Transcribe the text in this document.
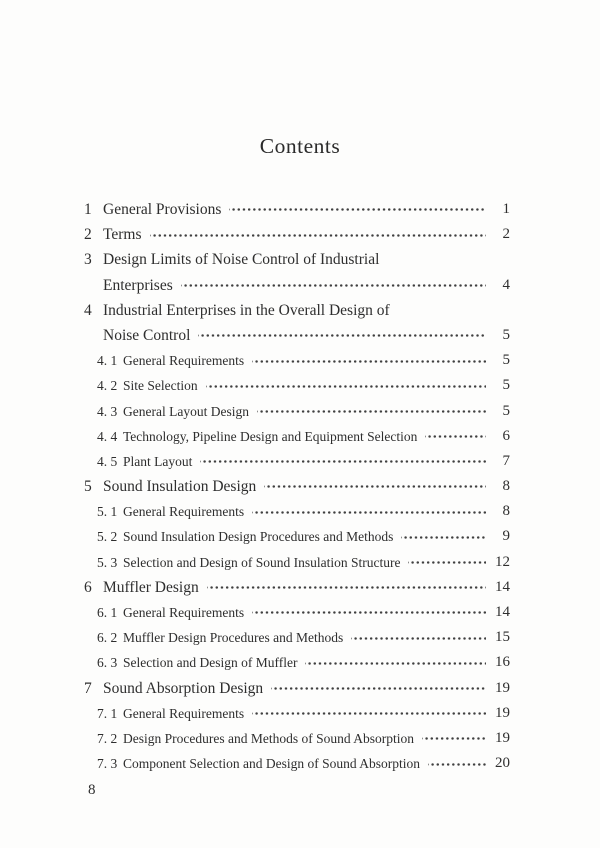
Contents
1 General Provisions	1
2 Terms	2
3 Design Limits of Noise Control of Industrial
Enterprises	4
4 Industrial Enterprises in the Overall Design of
Noise Control	5
4. 1 General Requirements	5
4. 2 Site Selection	5
4. 3 General Layout Design	5
4. 4 Technology, Pipeline Design and Equipment Selection	6
4. 5 Plant Layout	7
5 Sound Insulation Design	8
5. 1 General Requirements	8
5. 2 Sound Insulation Design Procedures and Methods	9
5. 3 Selection and Design of Sound Insulation Structure	12
6 Muffler Design	14
6. 1 General Requirements	14
6. 2 Muffler Design Procedures and Methods	15
6. 3 Selection and Design of Muffler	16
7 Sound Absorption Design	19
7. 1 General Requirements	19
7. 2 Design Procedures and Methods of Sound Absorption	19
7. 3 Component Selection and Design of Sound Absorption	20
8
